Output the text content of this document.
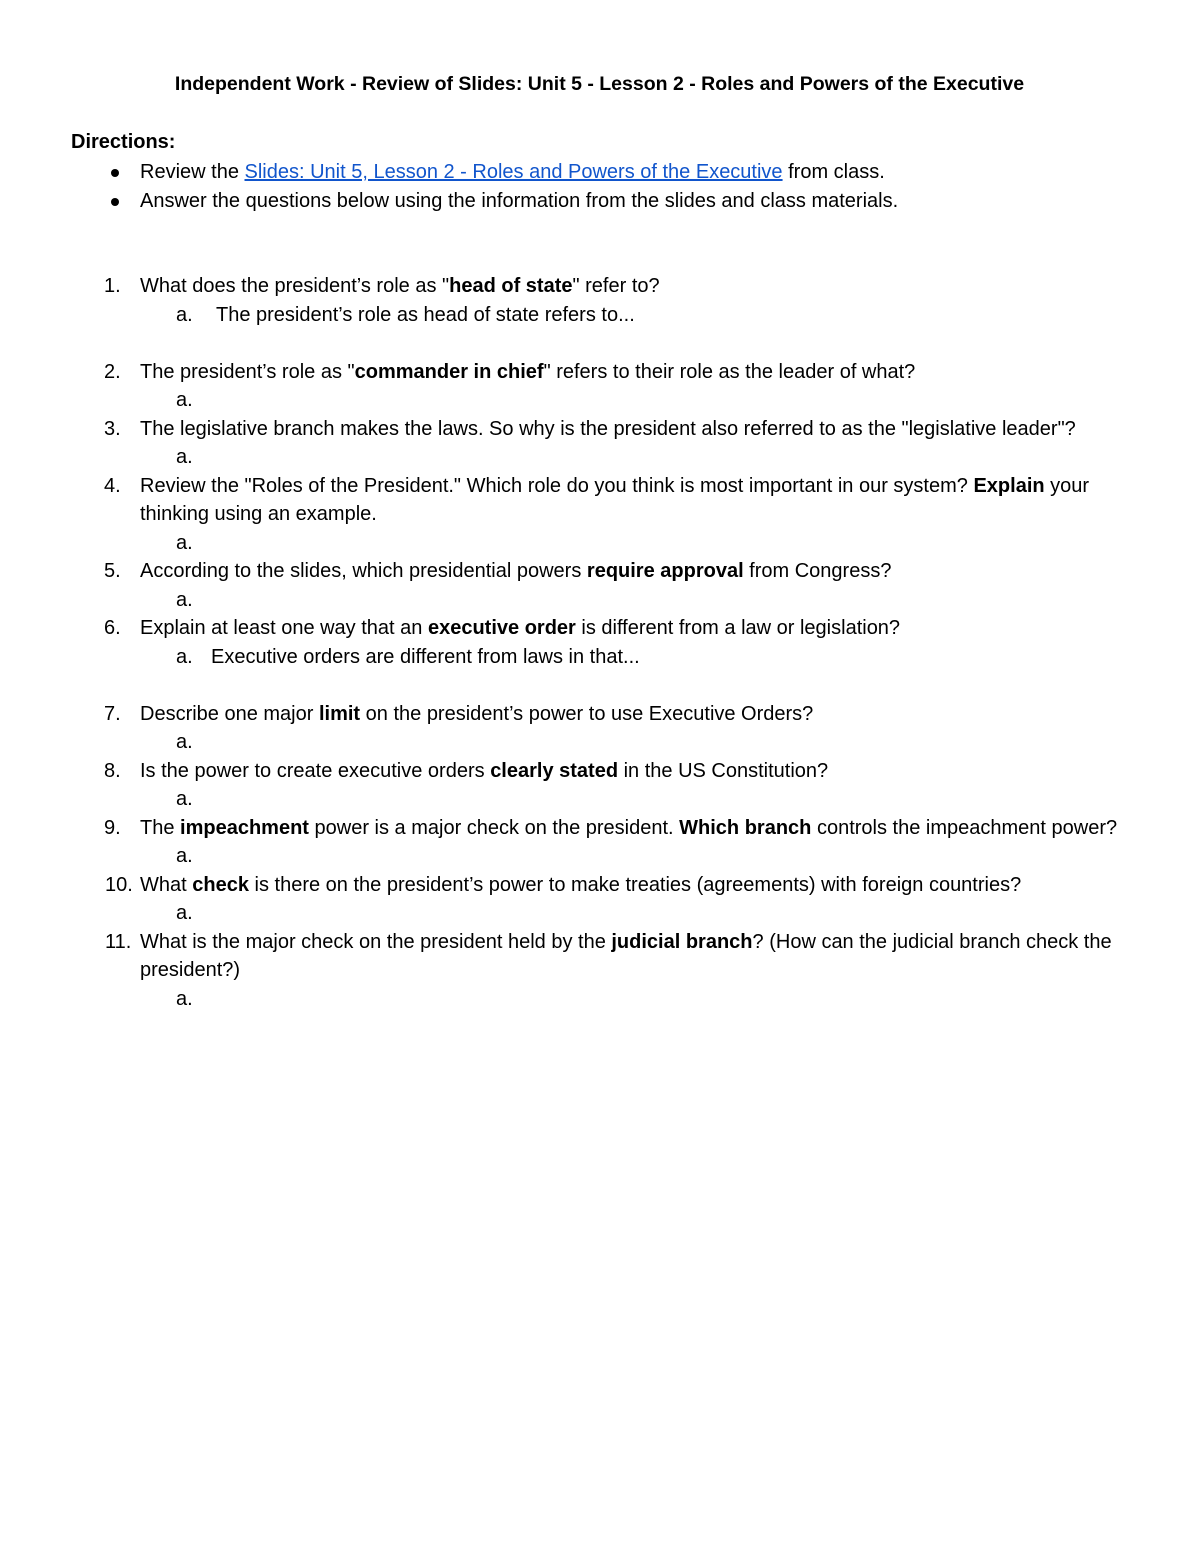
Independent Work - Review of Slides: Unit 5 - Lesson 2 - Roles and Powers of the Executive
Directions:
Review the Slides: Unit 5, Lesson 2 - Roles and Powers of the Executive from class.
Answer the questions below using the information from the slides and class materials.
1. What does the president’s role as "head of state" refer to?
a. The president’s role as head of state refers to...
2. The president’s role as "commander in chief" refers to their role as the leader of what?
a.
3. The legislative branch makes the laws. So why is the president also referred to as the "legislative leader"?
a.
4. Review the "Roles of the President." Which role do you think is most important in our system? Explain your thinking using an example.
a.
5. According to the slides, which presidential powers require approval from Congress?
a.
6. Explain at least one way that an executive order is different from a law or legislation?
a. Executive orders are different from laws in that...
7. Describe one major limit on the president’s power to use Executive Orders?
a.
8. Is the power to create executive orders clearly stated in the US Constitution?
a.
9. The impeachment power is a major check on the president. Which branch controls the impeachment power?
a.
10. What check is there on the president’s power to make treaties (agreements) with foreign countries?
a.
11. What is the major check on the president held by the judicial branch? (How can the judicial branch check the president?)
a.
